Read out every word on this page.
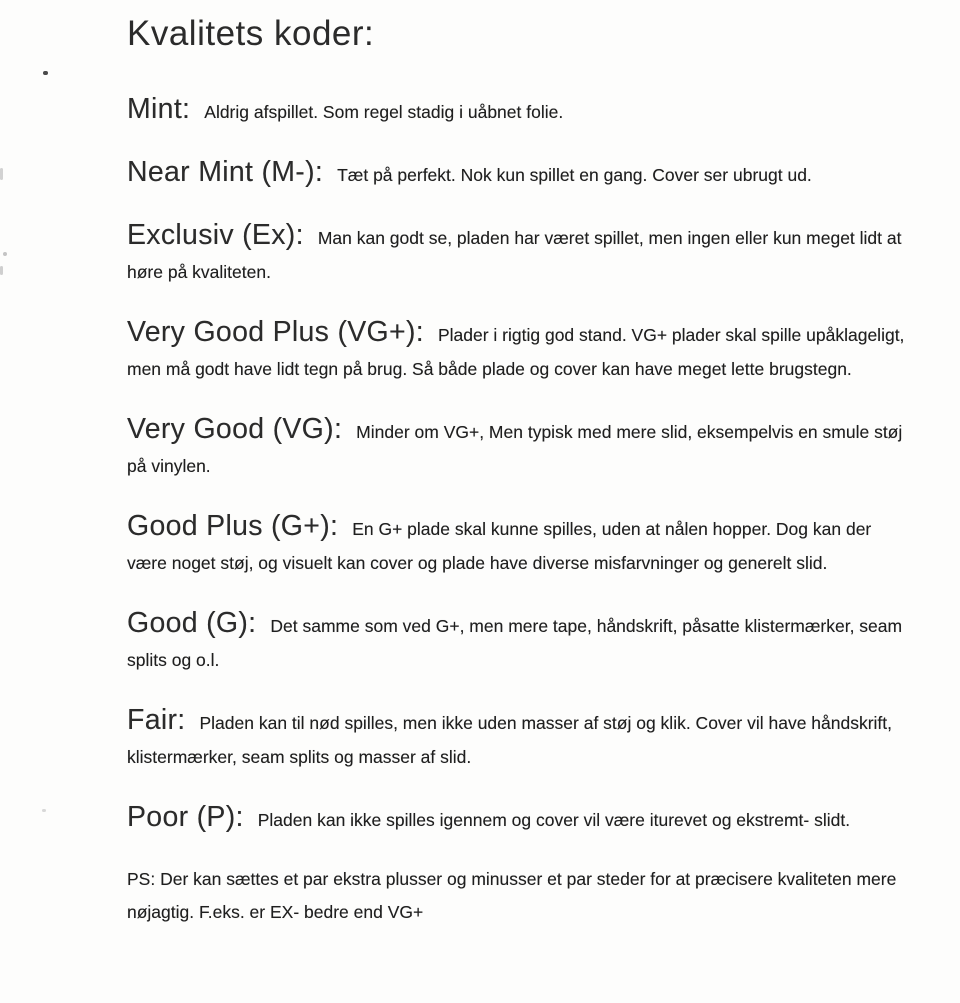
Kvalitets koder:

Mint: Aldrig afspillet. Som regel stadig i uåbnet folie.

Near Mint (M-): Tæt på perfekt. Nok kun spillet en gang. Cover ser ubrugt ud.

Exclusiv (Ex): Man kan godt se, pladen har været spillet, men ingen eller kun meget lidt at høre på kvaliteten.

Very Good Plus (VG+): Plader i rigtig god stand. VG+ plader skal spille upåklageligt, men må godt have lidt tegn på brug. Så både plade og cover kan have meget lette brugstegn.

Very Good (VG): Minder om VG+, Men typisk med mere slid, eksempelvis en smule støj på vinylen.

Good Plus (G+): En G+ plade skal kunne spilles, uden at nålen hopper. Dog kan der være noget støj, og visuelt kan cover og plade have diverse misfarvninger og generelt slid.

Good (G): Det samme som ved G+, men mere tape, håndskrift, påsatte klistermærker, seam splits og o.l.

Fair: Pladen kan til nød spilles, men ikke uden masser af støj og klik. Cover vil have håndskrift, klistermærker, seam splits og masser af slid.

Poor (P): Pladen kan ikke spilles igennem og cover vil være iturevet og ekstremt- slidt.

PS: Der kan sættes et par ekstra plusser og minusser et par steder for at præcisere kvaliteten mere nøjagtig. F.eks. er EX- bedre end VG+
